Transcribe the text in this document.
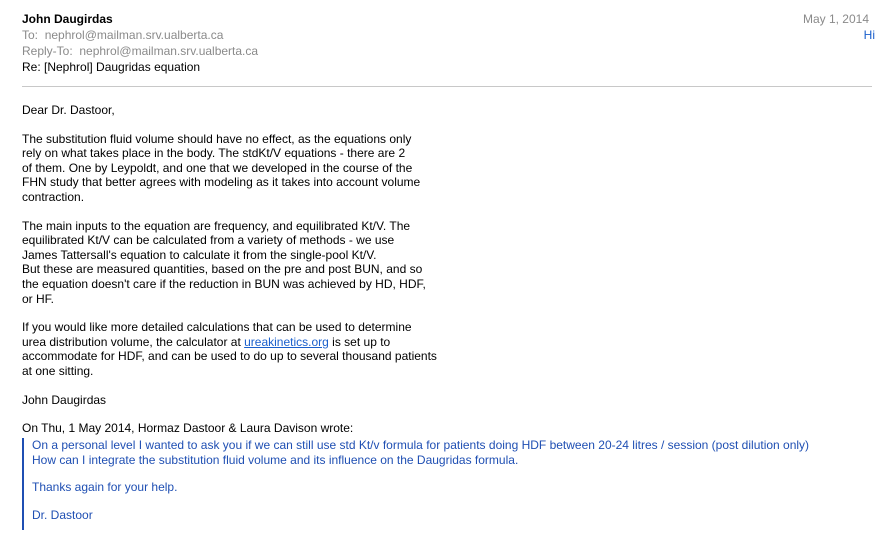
John Daugirdas
To: nephrol@mailman.srv.ualberta.ca
Reply-To: nephrol@mailman.srv.ualberta.ca
Re: [Nephrol] Daugridas equation
May 1, 2014
Hi

Dear Dr. Dastoor,

The substitution fluid volume should have no effect, as the equations only
rely on what takes place in the body. The stdKt/V equations - there are 2
of them. One by Leypoldt, and one that we developed in the course of the
FHN study that better agrees with modeling as it takes into account volume
contraction.

The main inputs to the equation are frequency, and equilibrated Kt/V. The
equilibrated Kt/V can be calculated from a variety of methods - we use
James Tattersall's equation to calculate it from the single-pool Kt/V.
But these are measured quantities, based on the pre and post BUN, and so
the equation doesn't care if the reduction in BUN was achieved by HD, HDF,
or HF.

If you would like more detailed calculations that can be used to determine
urea distribution volume, the calculator at ureakinetics.org is set up to
accommodate for HDF, and can be used to do up to several thousand patients
at one sitting.

John Daugirdas

On Thu, 1 May 2014, Hormaz Dastoor & Laura Davison wrote:

On a personal level I wanted to ask you if we can still use std Kt/v formula for patients doing HDF between 20-24 litres / session (post dilution only)
How can I integrate the substitution fluid volume and its influence on the Daugridas formula.

Thanks again for your help.

Dr. Dastoor
